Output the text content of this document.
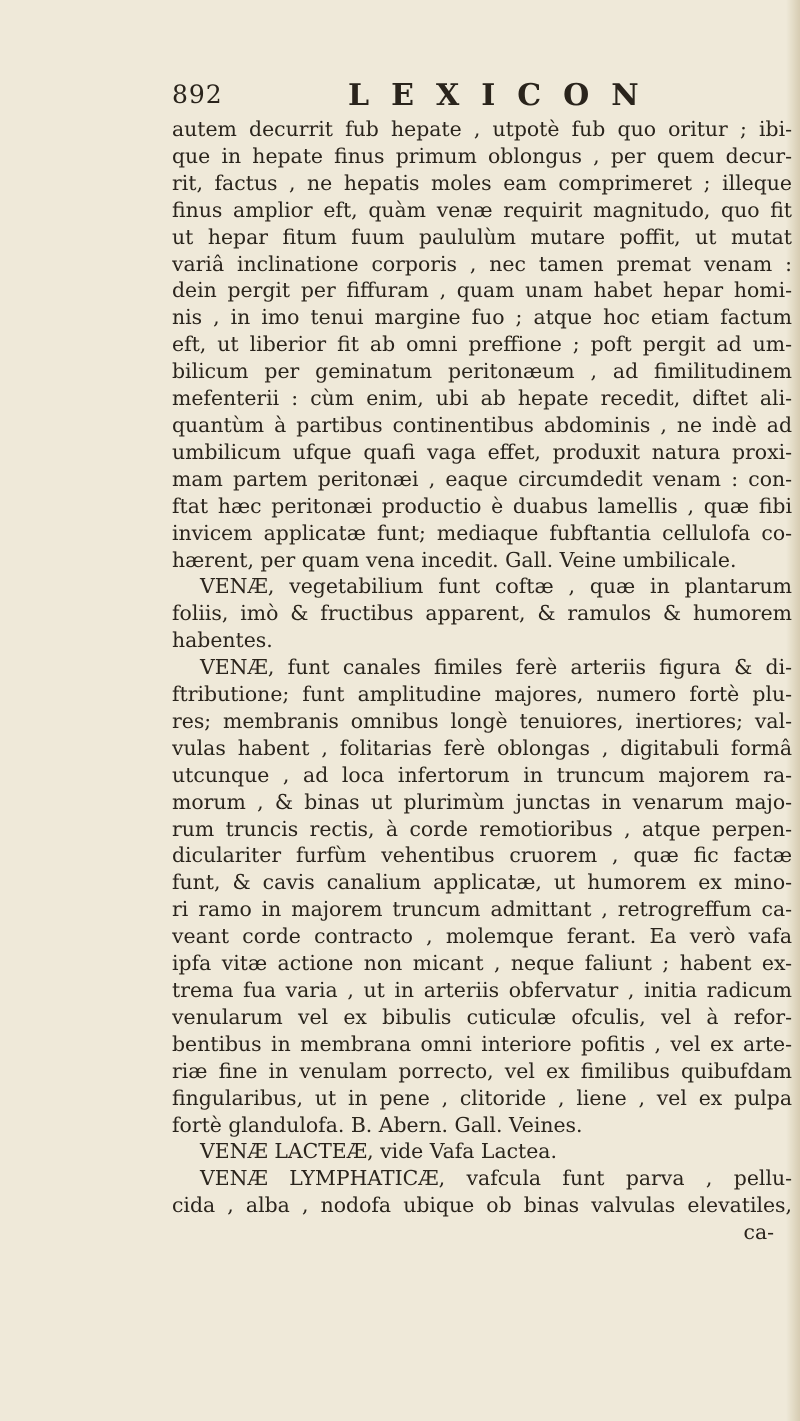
892	LEXICON
autem decurrit fub hepate , utpotè fub quo oritur ; ibi-
que in hepate finus primum oblongus , per quem decur-
rit, factus , ne hepatis moles eam comprimeret ; illeque
finus amplior eft, quàm venæ requirit magnitudo, quo fit
ut hepar fitum fuum paululùm mutare poffit, ut mutat
variâ inclinatione corporis , nec tamen premat venam :
dein pergit per fiffuram , quam unam habet hepar homi-
nis , in imo tenui margine fuo ; atque hoc etiam factum
eft, ut liberior fit ab omni preffione ; poft pergit ad um-
bilicum per geminatum peritonæum , ad fimilitudinem
mefenterii : cùm enim, ubi ab hepate recedit, diftet ali-
quantùm à partibus continentibus abdominis , ne indè ad
umbilicum ufque quafi vaga effet, produxit natura proxi-
mam partem peritonæi , eaque circumdedit venam : con-
ftat hæc peritonæi productio è duabus lamellis , quæ fibi
invicem applicatæ funt; mediaque fubftantia cellulofa co-
hærent, per quam vena incedit. Gall. Veine umbilicale.
VENÆ, vegetabilium funt coftæ , quæ in plantarum
foliis, imò & fructibus apparent, & ramulos & humorem
habentes.
VENÆ, funt canales fimiles ferè arteriis figura & di-
ftributione; funt amplitudine majores, numero fortè plu-
res; membranis omnibus longè tenuiores, inertiores; val-
vulas habent , folitarias ferè oblongas , digitabuli formâ
utcunque , ad loca infertorum in truncum majorem ra-
morum , & binas ut plurimùm junctas in venarum majo-
rum truncis rectis, à corde remotioribus , atque perpen-
diculariter furfùm vehentibus cruorem , quæ fic factæ
funt, & cavis canalium applicatæ, ut humorem ex mino-
ri ramo in majorem truncum admittant , retrogreffum ca-
veant corde contracto , molemque ferant. Ea verò vafa
ipfa vitæ actione non micant , neque faliunt ; habent ex-
trema fua varia , ut in arteriis obfervatur , initia radicum
venularum vel ex bibulis cuticulæ ofculis, vel à refor-
bentibus in membrana omni interiore pofitis , vel ex arte-
riæ fine in venulam porrecto, vel ex fimilibus quibufdam
fingularibus, ut in pene , clitoride , liene , vel ex pulpa
fortè glandulofa. B. Abern. Gall. Veines.
VENÆ LACTEÆ, vide Vafa Lactea.
VENÆ LYMPHATICÆ, vafcula funt parva , pellu-
cida , alba , nodofa ubique ob binas valvulas elevatiles,
ca-
